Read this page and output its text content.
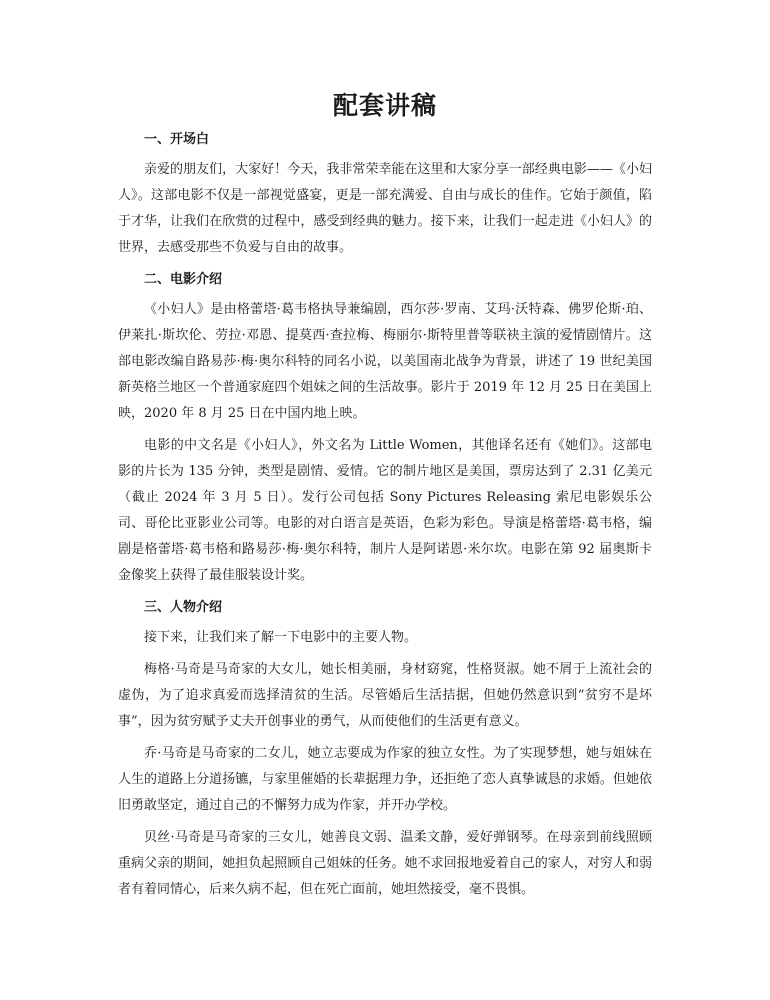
配套讲稿
一、开场白

亲爱的朋友们，大家好！今天，我非常荣幸能在这里和大家分享一部经典电影——《小妇人》。这部电影不仅是一部视觉盛宴，更是一部充满爱、自由与成长的佳作。它始于颜值，陷于才华，让我们在欣赏的过程中，感受到经典的魅力。接下来，让我们一起走进《小妇人》的世界，去感受那些不负爱与自由的故事。

二、电影介绍

《小妇人》是由格蕾塔·葛韦格执导兼编剧，西尔莎·罗南、艾玛·沃特森、佛罗伦斯·珀、伊莱扎·斯坎伦、劳拉·邓恩、提莫西·查拉梅、梅丽尔·斯特里普等联袂主演的爱情剧情片。这部电影改编自路易莎·梅·奥尔科特的同名小说，以美国南北战争为背景，讲述了 19 世纪美国新英格兰地区一个普通家庭四个姐妹之间的生活故事。影片于 2019 年 12 月 25 日在美国上映，2020 年 8 月 25 日在中国内地上映。

电影的中文名是《小妇人》，外文名为 Little Women，其他译名还有《她们》。这部电影的片长为 135 分钟，类型是剧情、爱情。它的制片地区是美国，票房达到了 2.31 亿美元（截止 2024 年 3 月 5 日）。发行公司包括 Sony Pictures Releasing 索尼电影娱乐公司、哥伦比亚影业公司等。电影的对白语言是英语，色彩为彩色。导演是格蕾塔·葛韦格，编剧是格蕾塔·葛韦格和路易莎·梅·奥尔科特，制片人是阿诺恩·米尔坎。电影在第 92 届奥斯卡金像奖上获得了最佳服装设计奖。

三、人物介绍

接下来，让我们来了解一下电影中的主要人物。

梅格·马奇是马奇家的大女儿，她长相美丽，身材窈窕，性格贤淑。她不屑于上流社会的虚伪，为了追求真爱而选择清贫的生活。尽管婚后生活拮据，但她仍然意识到“贫穷不是坏事”，因为贫穷赋予丈夫开创事业的勇气，从而使他们的生活更有意义。

乔·马奇是马奇家的二女儿，她立志要成为作家的独立女性。为了实现梦想，她与姐妹在人生的道路上分道扬镳，与家里催婚的长辈据理力争，还拒绝了恋人真挚诚恳的求婚。但她依旧勇敢坚定，通过自己的不懈努力成为作家，并开办学校。

贝丝·马奇是马奇家的三女儿，她善良文弱、温柔文静，爱好弹钢琴。在母亲到前线照顾重病父亲的期间，她担负起照顾自己姐妹的任务。她不求回报地爱着自己的家人，对穷人和弱者有着同情心，后来久病不起，但在死亡面前，她坦然接受，毫不畏惧。
